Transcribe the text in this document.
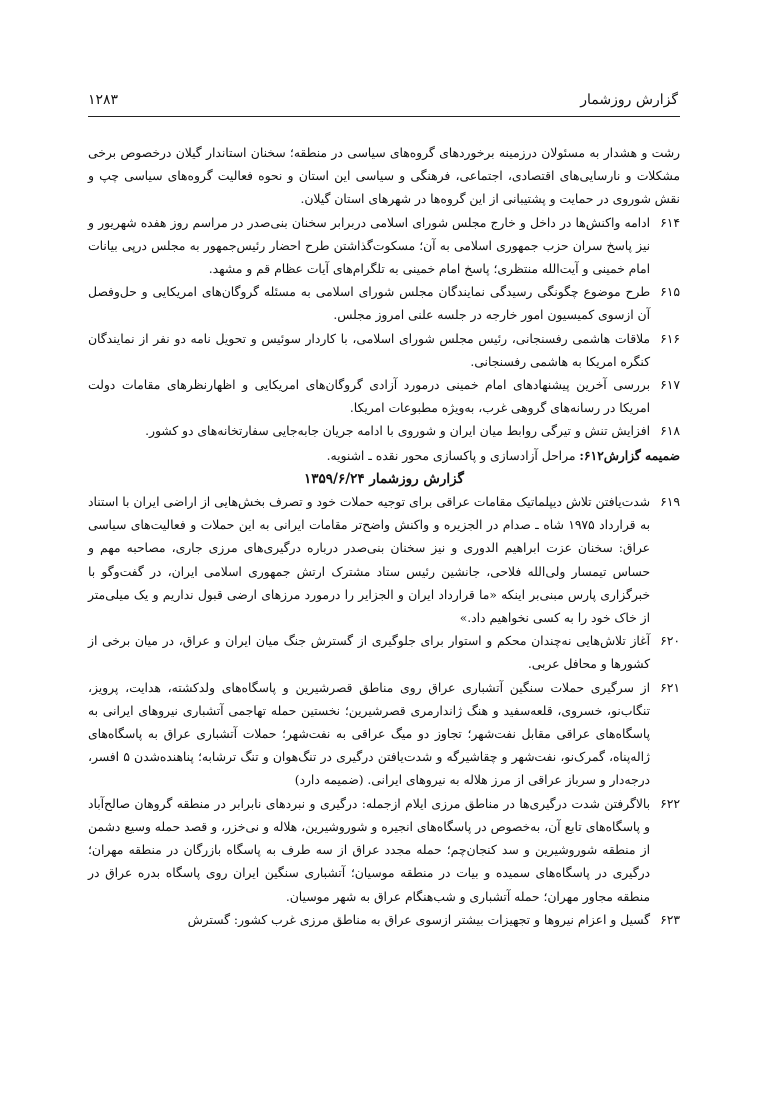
گزارش روزشمار
۱۲۸۳

رشت و هشدار به مسئولان درزمینه برخوردهای گروه‌های سیاسی در منطقه؛ سخنان استاندار گیلان درخصوص برخی مشکلات و نارسایی‌های اقتصادی، اجتماعی، فرهنگی و سیاسی این استان و نحوه فعالیت گروه‌های سیاسی چپ و نقش شوروی در حمایت و پشتیبانی از این گروه‌ها در شهرهای استان گیلان.

۶۱۴
ادامه واکنش‌ها در داخل و خارج مجلس شورای اسلامی دربرابر سخنان بنی‌صدر در مراسم روز هفده شهریور و نیز پاسخ سران حزب جمهوری اسلامی به آن؛ مسکوت‌گذاشتن طرح احضار رئیس‌جمهور به مجلس درپی بیانات امام خمینی و آیت‌الله منتظری؛ پاسخ امام خمینی به تلگرام‌های آیات عظام قم و مشهد.

۶۱۵
طرح موضوع چگونگی رسیدگی نمایندگان مجلس شورای اسلامی به مسئله گروگان‌های امریکایی و حل‌وفصل آن ازسوی کمیسیون امور خارجه در جلسه علنی امروز مجلس.

۶۱۶
ملاقات هاشمی رفسنجانی، رئیس مجلس شورای اسلامی، با کاردار سوئیس و تحویل نامه دو نفر از نمایندگان کنگره امریکا به هاشمی رفسنجانی.

۶۱۷
بررسی آخرین پیشنهادهای امام خمینی درمورد آزادی گروگان‌های امریکایی و اظهارنظرهای مقامات دولت امریکا در رسانه‌های گروهی غرب، به‌ویژه مطبوعات امریکا.

۶۱۸
افزایش تنش و تیرگی روابط میان ایران و شوروی با ادامه جریان جابه‌جایی سفارتخانه‌های دو کشور.

ضمیمه گزارش۶۱۲: مراحل آزادسازی و پاکسازی محور نقده ـ اشنویه.

گزارش روزشمار ۱۳۵۹/۶/۲۴

۶۱۹
شدت‌یافتن تلاش دیپلماتیک مقامات عراقی برای توجیه حملات خود و تصرف بخش‌هایی از اراضی ایران با استناد به قرارداد ۱۹۷۵ شاه ـ صدام در الجزیره و واکنش واضح‌تر مقامات ایرانی به این حملات و فعالیت‌های سیاسی عراق: سخنان عزت ابراهیم الدوری و نیز سخنان بنی‌صدر درباره درگیری‌های مرزی جاری، مصاحبه مهم و حساس تیمسار ولی‌الله فلاحی، جانشین رئیس ستاد مشترک ارتش جمهوری اسلامی ایران، در گفت‌وگو با خبرگزاری پارس مبنی‌بر اینکه «ما قرارداد ایران و الجزایر را درمورد مرزهای ارضی قبول نداریم و یک میلی‌متر از خاک خود را به کسی نخواهیم داد.»

۶۲۰
آغاز تلاش‌هایی نه‌چندان محکم و استوار برای جلوگیری از گسترش جنگ میان ایران و عراق، در میان برخی از کشورها و محافل عربی.

۶۲۱
از سرگیری حملات سنگین آتشباری عراق روی مناطق قصرشیرین و پاسگاه‌های ولدکشته، هدایت، پرویز، تنگاب‌نو، خسروی، قلعه‌سفید و هنگ ژاندارمری قصرشیرین؛ نخستین حمله تهاجمی آتشباری نیروهای ایرانی به پاسگاه‌های عراقی مقابل نفت‌شهر؛ تجاوز دو میگ عراقی به نفت‌شهر؛ حملات آتشباری عراق به پاسگاه‌های ژاله‌پناه، گمرک‌نو، نفت‌شهر و چقاشیرگه و شدت‌یافتن درگیری در تنگ‌هوان و تنگ ترشابه؛ پناهنده‌شدن ۵ افسر، درجه‌دار و سرباز عراقی از مرز هلاله به نیروهای ایرانی. (ضمیمه دارد)

۶۲۲
بالاگرفتن شدت درگیری‌ها در مناطق مرزی ایلام ازجمله: درگیری و نبردهای نابرابر در منطقه گروهان صالح‌آباد و پاسگاه‌های تابع آن، به‌خصوص در پاسگاه‌های انجیره و شوروشیرین، هلاله و نی‌خزر، و قصد حمله وسیع دشمن از منطقه شوروشیرین و سد کنجان‌چم؛ حمله مجدد عراق از سه طرف به پاسگاه بازرگان در منطقه مهران؛ درگیری در پاسگاه‌های سمیده و بیات در منطقه موسیان؛ آتشباری سنگین ایران روی پاسگاه بدره عراق در منطقه مجاور مهران؛ حمله آتشباری و شب‌هنگام عراق به شهر موسیان.

۶۲۳
گسیل و اعزام نیروها و تجهیزات بیشتر ازسوی عراق به مناطق مرزی غرب کشور: گسترش
